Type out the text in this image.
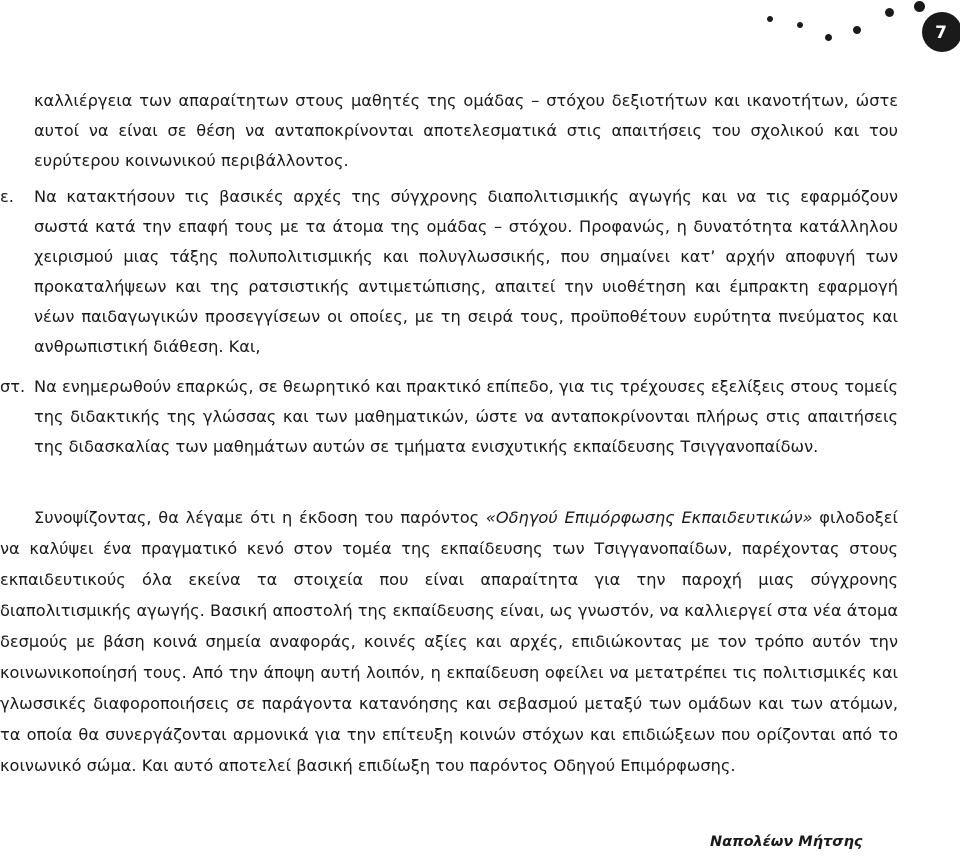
7

καλλιέργεια των απαραίτητων στους μαθητές της ομάδας – στόχου δεξιοτήτων και ικανοτήτων, ώστε αυτοί να είναι σε θέση να ανταποκρίνονται αποτελεσματικά στις απαιτήσεις του σχολικού και του ευρύτερου κοινωνικού περιβάλλοντος.

ε. Να κατακτήσουν τις βασικές αρχές της σύγχρονης διαπολιτισμικής αγωγής και να τις εφαρμόζουν σωστά κατά την επαφή τους με τα άτομα της ομάδας – στόχου. Προφανώς, η δυνατότητα κατάλληλου χειρισμού μιας τάξης πολυπολιτισμικής και πολυγλωσσικής, που σημαίνει κατ’ αρχήν αποφυγή των προκαταλήψεων και της ρατσιστικής αντιμετώπισης, απαιτεί την υιοθέτηση και έμπρακτη εφαρμογή νέων παιδαγωγικών προσεγγίσεων οι οποίες, με τη σειρά τους, προϋποθέτουν ευρύτητα πνεύματος και ανθρωπιστική διάθεση. Και,

στ. Να ενημερωθούν επαρκώς, σε θεωρητικό και πρακτικό επίπεδο, για τις τρέχουσες εξελίξεις στους τομείς της διδακτικής της γλώσσας και των μαθηματικών, ώστε να ανταποκρίνονται πλήρως στις απαιτήσεις της διδασκαλίας των μαθημάτων αυτών σε τμήματα ενισχυτικής εκπαίδευσης Τσιγγανοπαίδων.

Συνοψίζοντας, θα λέγαμε ότι η έκδοση του παρόντος «Οδηγού Επιμόρφωσης Εκπαιδευτικών» φιλοδοξεί να καλύψει ένα πραγματικό κενό στον τομέα της εκπαίδευσης των Τσιγγανοπαίδων, παρέχοντας στους εκπαιδευτικούς όλα εκείνα τα στοιχεία που είναι απαραίτητα για την παροχή μιας σύγχρονης διαπολιτισμικής αγωγής. Βασική αποστολή της εκπαίδευσης είναι, ως γνωστόν, να καλλιεργεί στα νέα άτομα δεσμούς με βάση κοινά σημεία αναφοράς, κοινές αξίες και αρχές, επιδιώκοντας με τον τρόπο αυτόν την κοινωνικοποίησή τους. Από την άποψη αυτή λοιπόν, η εκπαίδευση οφείλει να μετατρέπει τις πολιτισμικές και γλωσσικές διαφοροποιήσεις σε παράγοντα κατανόησης και σεβασμού μεταξύ των ομάδων και των ατόμων, τα οποία θα συνεργάζονται αρμονικά για την επίτευξη κοινών στόχων και επιδιώξεων που ορίζονται από το κοινωνικό σώμα. Και αυτό αποτελεί βασική επιδίωξη του παρόντος Οδηγού Επιμόρφωσης.

Ναπολέων Μήτσης
